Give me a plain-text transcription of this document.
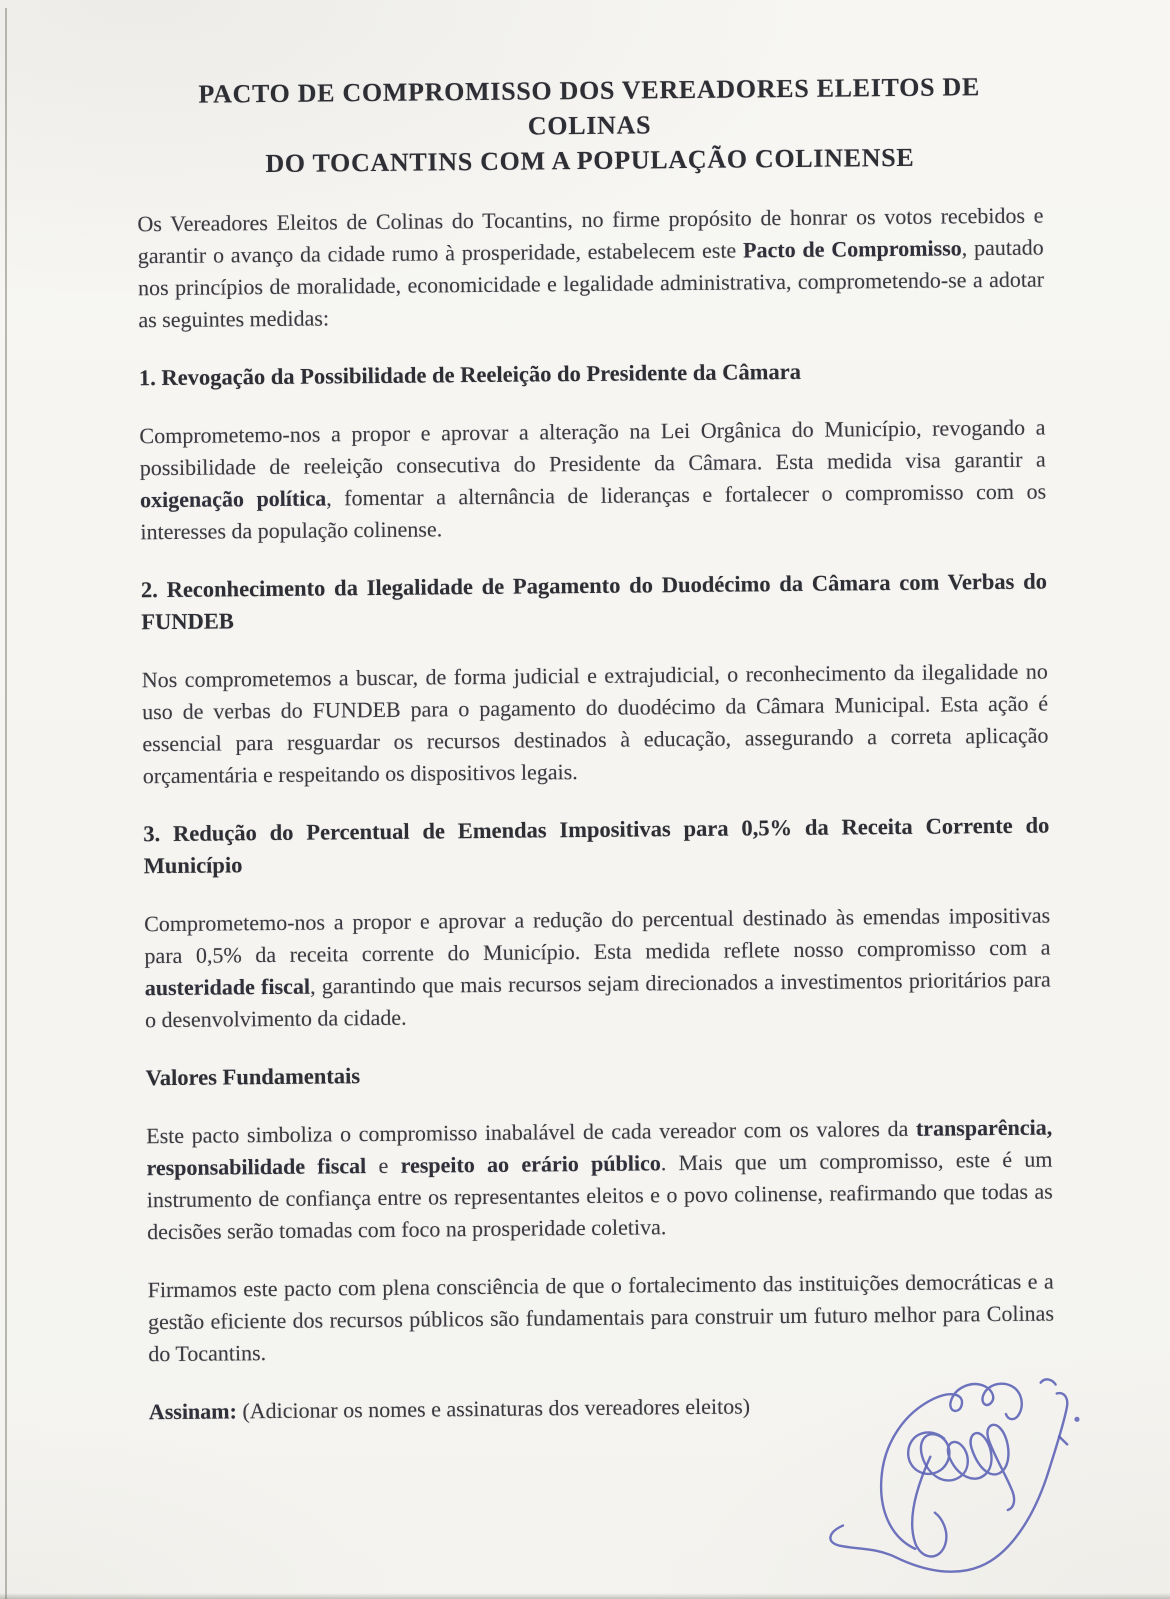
PACTO DE COMPROMISSO DOS VEREADORES ELEITOS DE COLINAS
DO TOCANTINS COM A POPULAÇÃO COLINENSE

Os Vereadores Eleitos de Colinas do Tocantins, no firme propósito de honrar os votos recebidos e garantir o avanço da cidade rumo à prosperidade, estabelecem este Pacto de Compromisso, pautado nos princípios de moralidade, economicidade e legalidade administrativa, comprometendo-se a adotar as seguintes medidas:

1. Revogação da Possibilidade de Reeleição do Presidente da Câmara

Comprometemo-nos a propor e aprovar a alteração na Lei Orgânica do Município, revogando a possibilidade de reeleição consecutiva do Presidente da Câmara. Esta medida visa garantir a oxigenação política, fomentar a alternância de lideranças e fortalecer o compromisso com os interesses da população colinense.

2. Reconhecimento da Ilegalidade de Pagamento do Duodécimo da Câmara com Verbas do FUNDEB

Nos comprometemos a buscar, de forma judicial e extrajudicial, o reconhecimento da ilegalidade no uso de verbas do FUNDEB para o pagamento do duodécimo da Câmara Municipal. Esta ação é essencial para resguardar os recursos destinados à educação, assegurando a correta aplicação orçamentária e respeitando os dispositivos legais.

3. Redução do Percentual de Emendas Impositivas para 0,5% da Receita Corrente do Município

Comprometemo-nos a propor e aprovar a redução do percentual destinado às emendas impositivas para 0,5% da receita corrente do Município. Esta medida reflete nosso compromisso com a austeridade fiscal, garantindo que mais recursos sejam direcionados a investimentos prioritários para o desenvolvimento da cidade.

Valores Fundamentais

Este pacto simboliza o compromisso inabalável de cada vereador com os valores da transparência, responsabilidade fiscal e respeito ao erário público. Mais que um compromisso, este é um instrumento de confiança entre os representantes eleitos e o povo colinense, reafirmando que todas as decisões serão tomadas com foco na prosperidade coletiva.

Firmamos este pacto com plena consciência de que o fortalecimento das instituições democráticas e a gestão eficiente dos recursos públicos são fundamentais para construir um futuro melhor para Colinas do Tocantins.

Assinam: (Adicionar os nomes e assinaturas dos vereadores eleitos)
